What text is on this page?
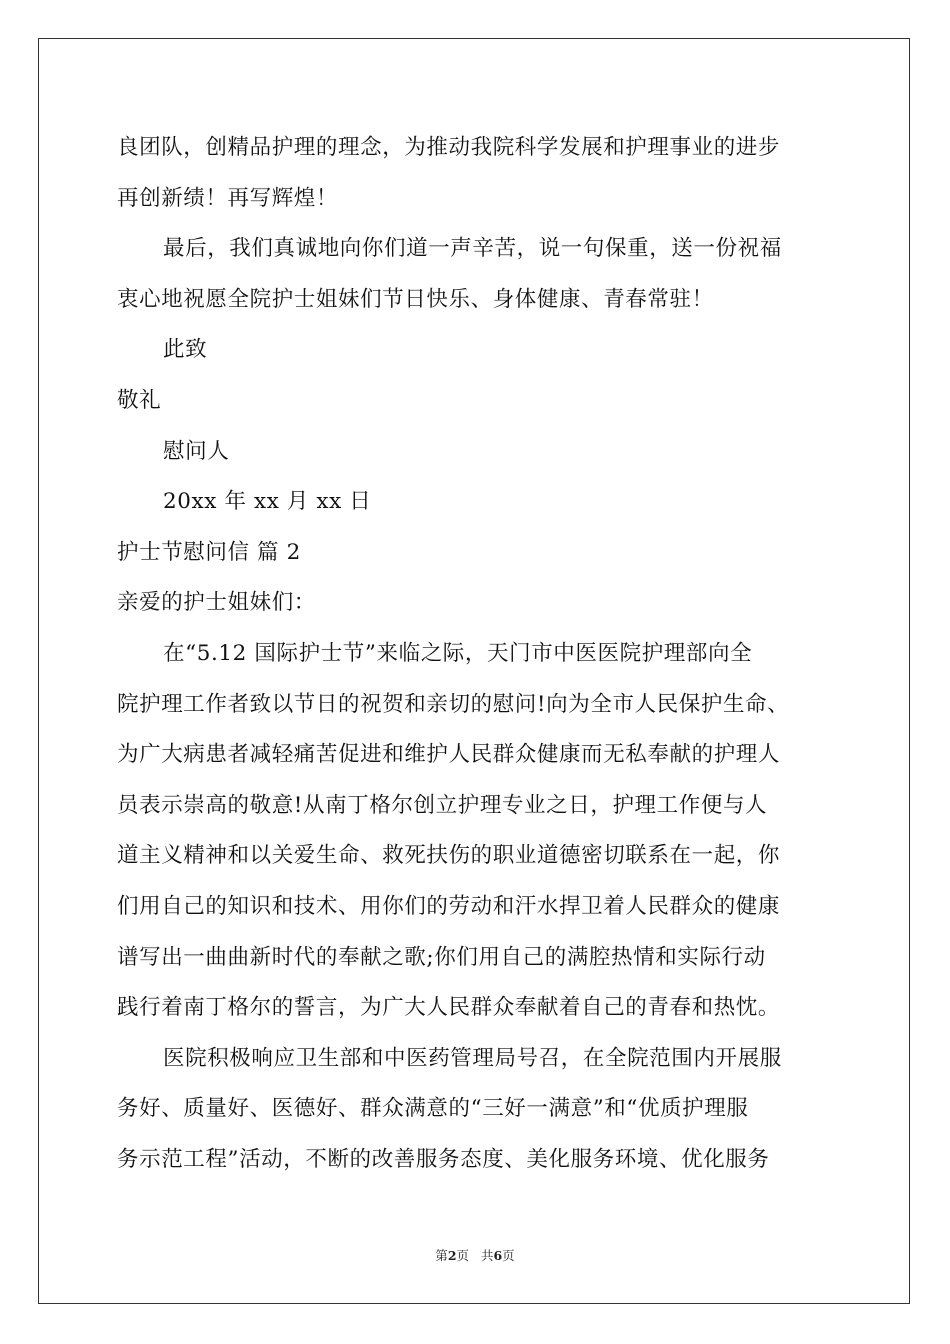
良团队，创精品护理的理念，为推动我院科学发展和护理事业的进步
再创新绩！再写辉煌！
最后，我们真诚地向你们道一声辛苦，说一句保重，送一份祝福
衷心地祝愿全院护士姐妹们节日快乐、身体健康、青春常驻！
此致
敬礼
慰问人
20xx 年 xx 月 xx 日
护士节慰问信 篇 2
亲爱的护士姐妹们：
在“5.12 国际护士节”来临之际，天门市中医医院护理部向全
院护理工作者致以节日的祝贺和亲切的慰问!向为全市人民保护生命、
为广大病患者减轻痛苦促进和维护人民群众健康而无私奉献的护理人
员表示崇高的敬意!从南丁格尔创立护理专业之日，护理工作便与人
道主义精神和以关爱生命、救死扶伤的职业道德密切联系在一起，你
们用自己的知识和技术、用你们的劳动和汗水捍卫着人民群众的健康
谱写出一曲曲新时代的奉献之歌;你们用自己的满腔热情和实际行动
践行着南丁格尔的誓言，为广大人民群众奉献着自己的青春和热忱。
医院积极响应卫生部和中医药管理局号召，在全院范围内开展服
务好、质量好、医德好、群众满意的“三好一满意”和“优质护理服
务示范工程”活动，不断的改善服务态度、美化服务环境、优化服务
第2页 共6页
